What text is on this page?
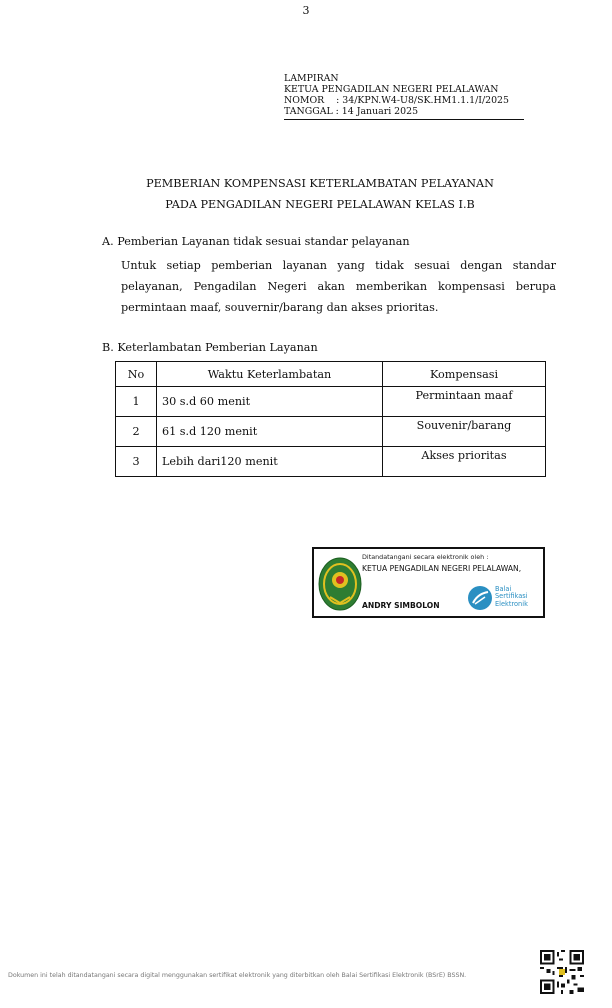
3
LAMPIRAN
KETUA PENGADILAN NEGERI PELALAWAN
NOMOR    : 34/KPN.W4-U8/SK.HM1.1.1/I/2025
TANGGAL : 14 Januari 2025
PEMBERIAN KOMPENSASI KETERLAMBATAN PELAYANAN
PADA PENGADILAN NEGERI PELALAWAN KELAS I.B
A. Pemberian Layanan tidak sesuai standar pelayanan
Untuk setiap pemberian layanan yang tidak sesuai dengan standar pelayanan, Pengadilan Negeri akan memberikan kompensasi berupa permintaan maaf, souvernir/barang dan akses prioritas.
B. Keterlambatan Pemberian Layanan
No	Waktu Keterlambatan	Kompensasi
1	30 s.d 60 menit	Permintaan maaf
2	61 s.d 120 menit	Souvenir/barang
3	Lebih dari120 menit	Akses prioritas
Ditandatangani secara elektronik oleh :
KETUA PENGADILAN NEGERI PELALAWAN,
ANDRY SIMBOLON
Balai
Sertifikasi
Elektronik
Dokumen ini telah ditandatangani secara digital menggunakan sertifikat elektronik yang diterbitkan oleh Balai Sertifikasi Elektronik (BSrE) BSSN.
